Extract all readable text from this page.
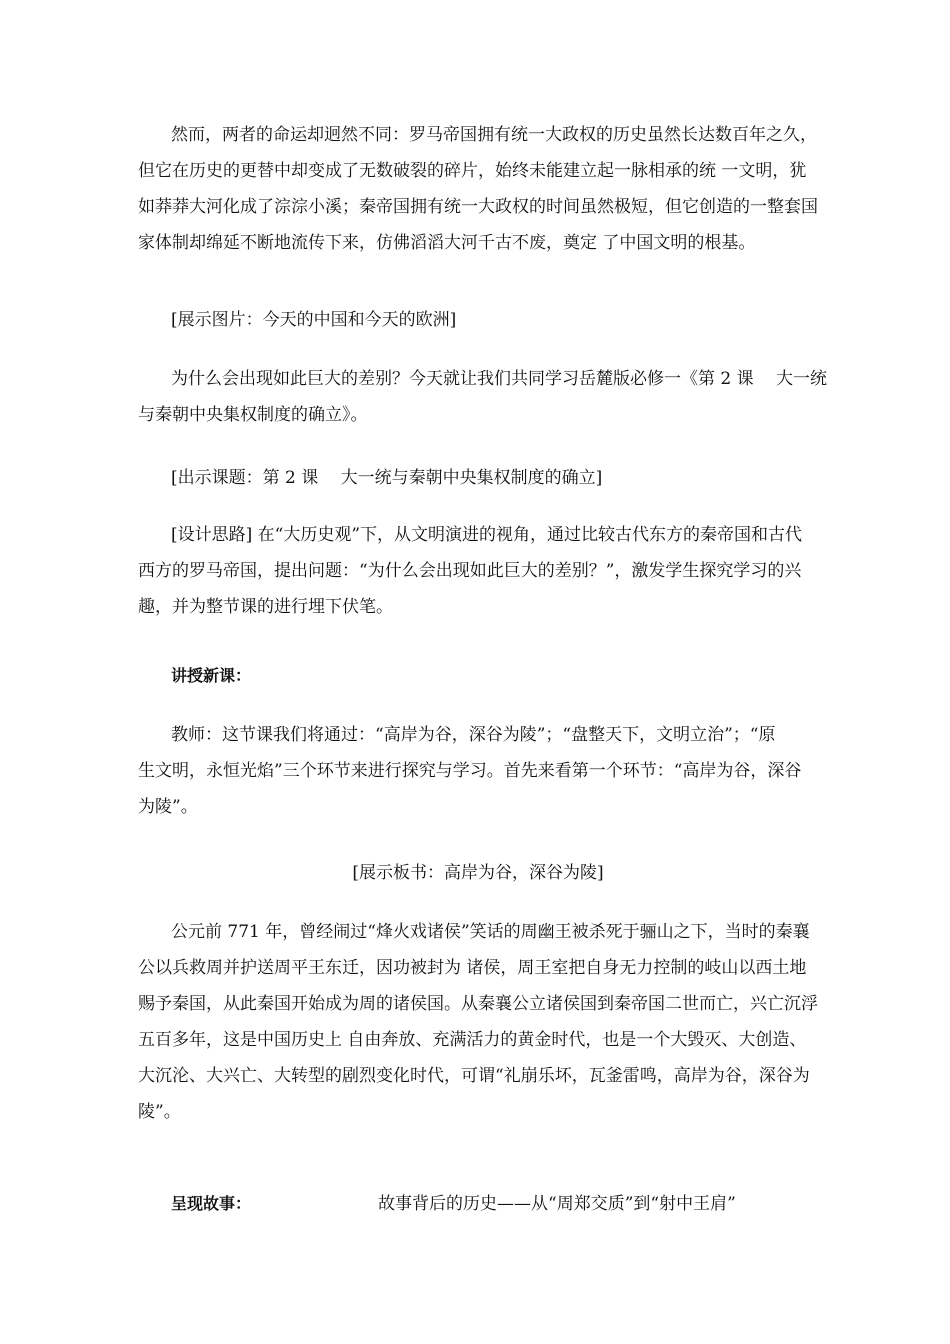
然而，两者的命运却迥然不同：罗马帝国拥有统一大政权的历史虽然长达数百年之久，
但它在历史的更替中却变成了无数破裂的碎片，始终未能建立起一脉相承的统 一文明，犹
如莽莽大河化成了淙淙小溪；秦帝国拥有统一大政权的时间虽然极短，但它创造的一整套国
家体制却绵延不断地流传下来，仿佛滔滔大河千古不废，奠定 了中国文明的根基。
[展示图片：今天的中国和今天的欧洲]
为什么会出现如此巨大的差别？今天就让我们共同学习岳麓版必修一《第 2 课　 大一统
与秦朝中央集权制度的确立》。
[出示课题：第 2 课　 大一统与秦朝中央集权制度的确立]
[设计思路] 在“大历史观”下，从文明演进的视角，通过比较古代东方的秦帝国和古代
西方的罗马帝国，提出问题：“为什么会出现如此巨大的差别？”，激发学生探究学习的兴
趣，并为整节课的进行埋下伏笔。
讲授新课：
教师：这节课我们将通过：“高岸为谷，深谷为陵”；“盘整天下，文明立治”；“原
生文明，永恒光焰”三个环节来进行探究与学习。首先来看第一个环节：“高岸为谷，深谷
为陵”。
[展示板书：高岸为谷，深谷为陵]
公元前 771 年，曾经闹过“烽火戏诸侯”笑话的周幽王被杀死于骊山之下，当时的秦襄
公以兵救周并护送周平王东迁，因功被封为 诸侯，周王室把自身无力控制的岐山以西土地
赐予秦国，从此秦国开始成为周的诸侯国。从秦襄公立诸侯国到秦帝国二世而亡，兴亡沉浮
五百多年，这是中国历史上 自由奔放、充满活力的黄金时代，也是一个大毁灭、大创造、
大沉沦、大兴亡、大转型的剧烈变化时代，可谓“礼崩乐坏，瓦釜雷鸣，高岸为谷，深谷为
陵”。
呈现故事：	故事背后的历史——从“周郑交质”到“射中王肩”
